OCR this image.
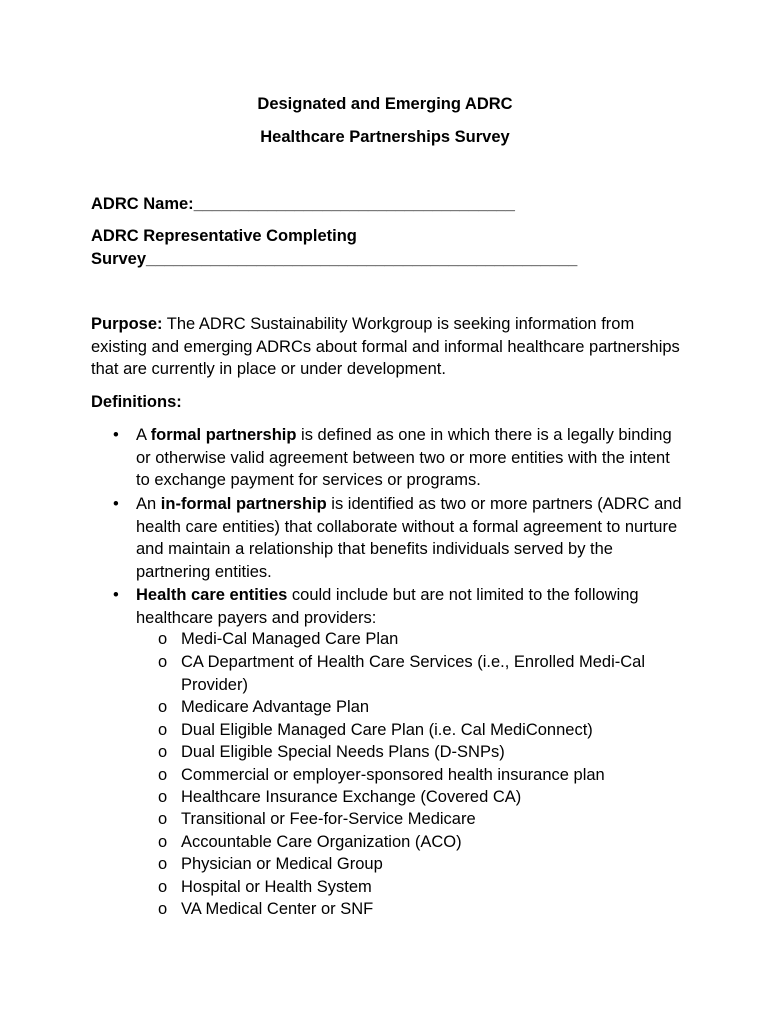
Designated and Emerging ADRC
Healthcare Partnerships Survey
ADRC Name:___________________________________
ADRC Representative Completing
Survey_______________________________________________
Purpose: The ADRC Sustainability Workgroup is seeking information from existing and emerging ADRCs about formal and informal healthcare partnerships that are currently in place or under development.
Definitions:
•	A formal partnership is defined as one in which there is a legally binding or otherwise valid agreement between two or more entities with the intent to exchange payment for services or programs.
•	An in-formal partnership is identified as two or more partners (ADRC and health care entities) that collaborate without a formal agreement to nurture and maintain a relationship that benefits individuals served by the partnering entities.
•	Health care entities could include but are not limited to the following healthcare payers and providers:
o Medi-Cal Managed Care Plan
o CA Department of Health Care Services (i.e., Enrolled Medi-Cal Provider)
o Medicare Advantage Plan
o Dual Eligible Managed Care Plan (i.e. Cal MediConnect)
o Dual Eligible Special Needs Plans (D-SNPs)
o Commercial or employer-sponsored health insurance plan
o Healthcare Insurance Exchange (Covered CA)
o Transitional or Fee-for-Service Medicare
o Accountable Care Organization (ACO)
o Physician or Medical Group
o Hospital or Health System
o VA Medical Center or SNF
